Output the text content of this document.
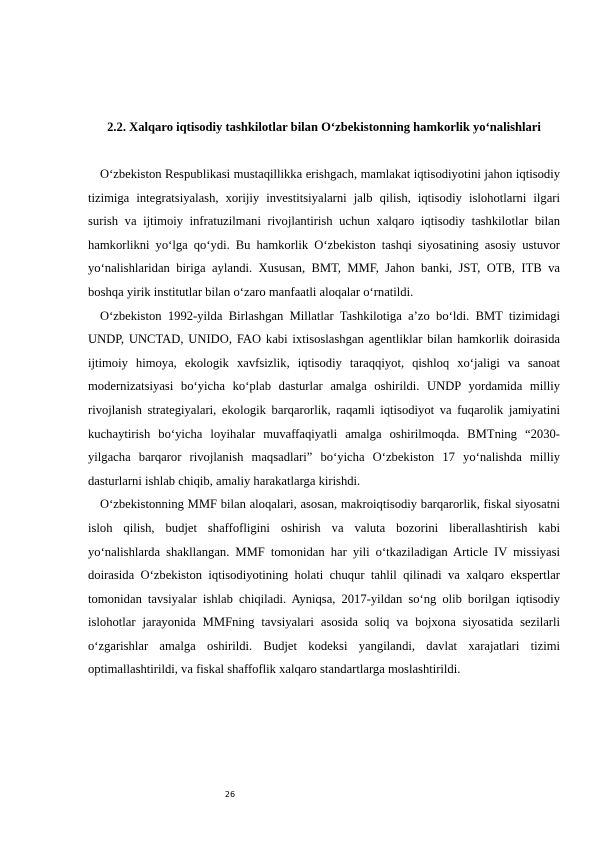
2.2. Xalqaro iqtisodiy tashkilotlar bilan O‘zbekistonning hamkorlik yo‘nalishlari

O‘zbekiston Respublikasi mustaqillikka erishgach, mamlakat iqtisodiyotini jahon iqtisodiy tizimiga integratsiyalash, xorijiy investitsiyalarni jalb qilish, iqtisodiy islohotlarni ilgari surish va ijtimoiy infratuzilmani rivojlantirish uchun xalqaro iqtisodiy tashkilotlar bilan hamkorlikni yo‘lga qo‘ydi. Bu hamkorlik O‘zbekiston tashqi siyosatining asosiy ustuvor yo‘nalishlaridan biriga aylandi. Xususan, BMT, MMF, Jahon banki, JST, OTB, ITB va boshqa yirik institutlar bilan o‘zaro manfaatli aloqalar o‘rnatildi.

O‘zbekiston 1992-yilda Birlashgan Millatlar Tashkilotiga a’zo bo‘ldi. BMT tizimidagi UNDP, UNCTAD, UNIDO, FAO kabi ixtisoslashgan agentliklar bilan hamkorlik doirasida ijtimoiy himoya, ekologik xavfsizlik, iqtisodiy taraqqiyot, qishloq xo‘jaligi va sanoat modernizatsiyasi bo‘yicha ko‘plab dasturlar amalga oshirildi. UNDP yordamida milliy rivojlanish strategiyalari, ekologik barqarorlik, raqamli iqtisodiyot va fuqarolik jamiyatini kuchaytirish bo‘yicha loyihalar muvaffaqiyatli amalga oshirilmoqda. BMTning “2030-yilgacha barqaror rivojlanish maqsadlari” bo‘yicha O‘zbekiston 17 yo‘nalishda milliy dasturlarni ishlab chiqib, amaliy harakatlarga kirishdi.

O‘zbekistonning MMF bilan aloqalari, asosan, makroiqtisodiy barqarorlik, fiskal siyosatni isloh qilish, budjet shaffofligini oshirish va valuta bozorini liberallashtirish kabi yo‘nalishlarda shakllangan. MMF tomonidan har yili o‘tkaziladigan Article IV missiyasi doirasida O‘zbekiston iqtisodiyotining holati chuqur tahlil qilinadi va xalqaro ekspertlar tomonidan tavsiyalar ishlab chiqiladi. Ayniqsa, 2017-yildan so‘ng olib borilgan iqtisodiy islohotlar jarayonida MMFning tavsiyalari asosida soliq va bojxona siyosatida sezilarli o‘zgarishlar amalga oshirildi. Budjet kodeksi yangilandi, davlat xarajatlari tizimi optimallashtirildi, va fiskal shaffoflik xalqaro standartlarga moslashtirildi.

26
